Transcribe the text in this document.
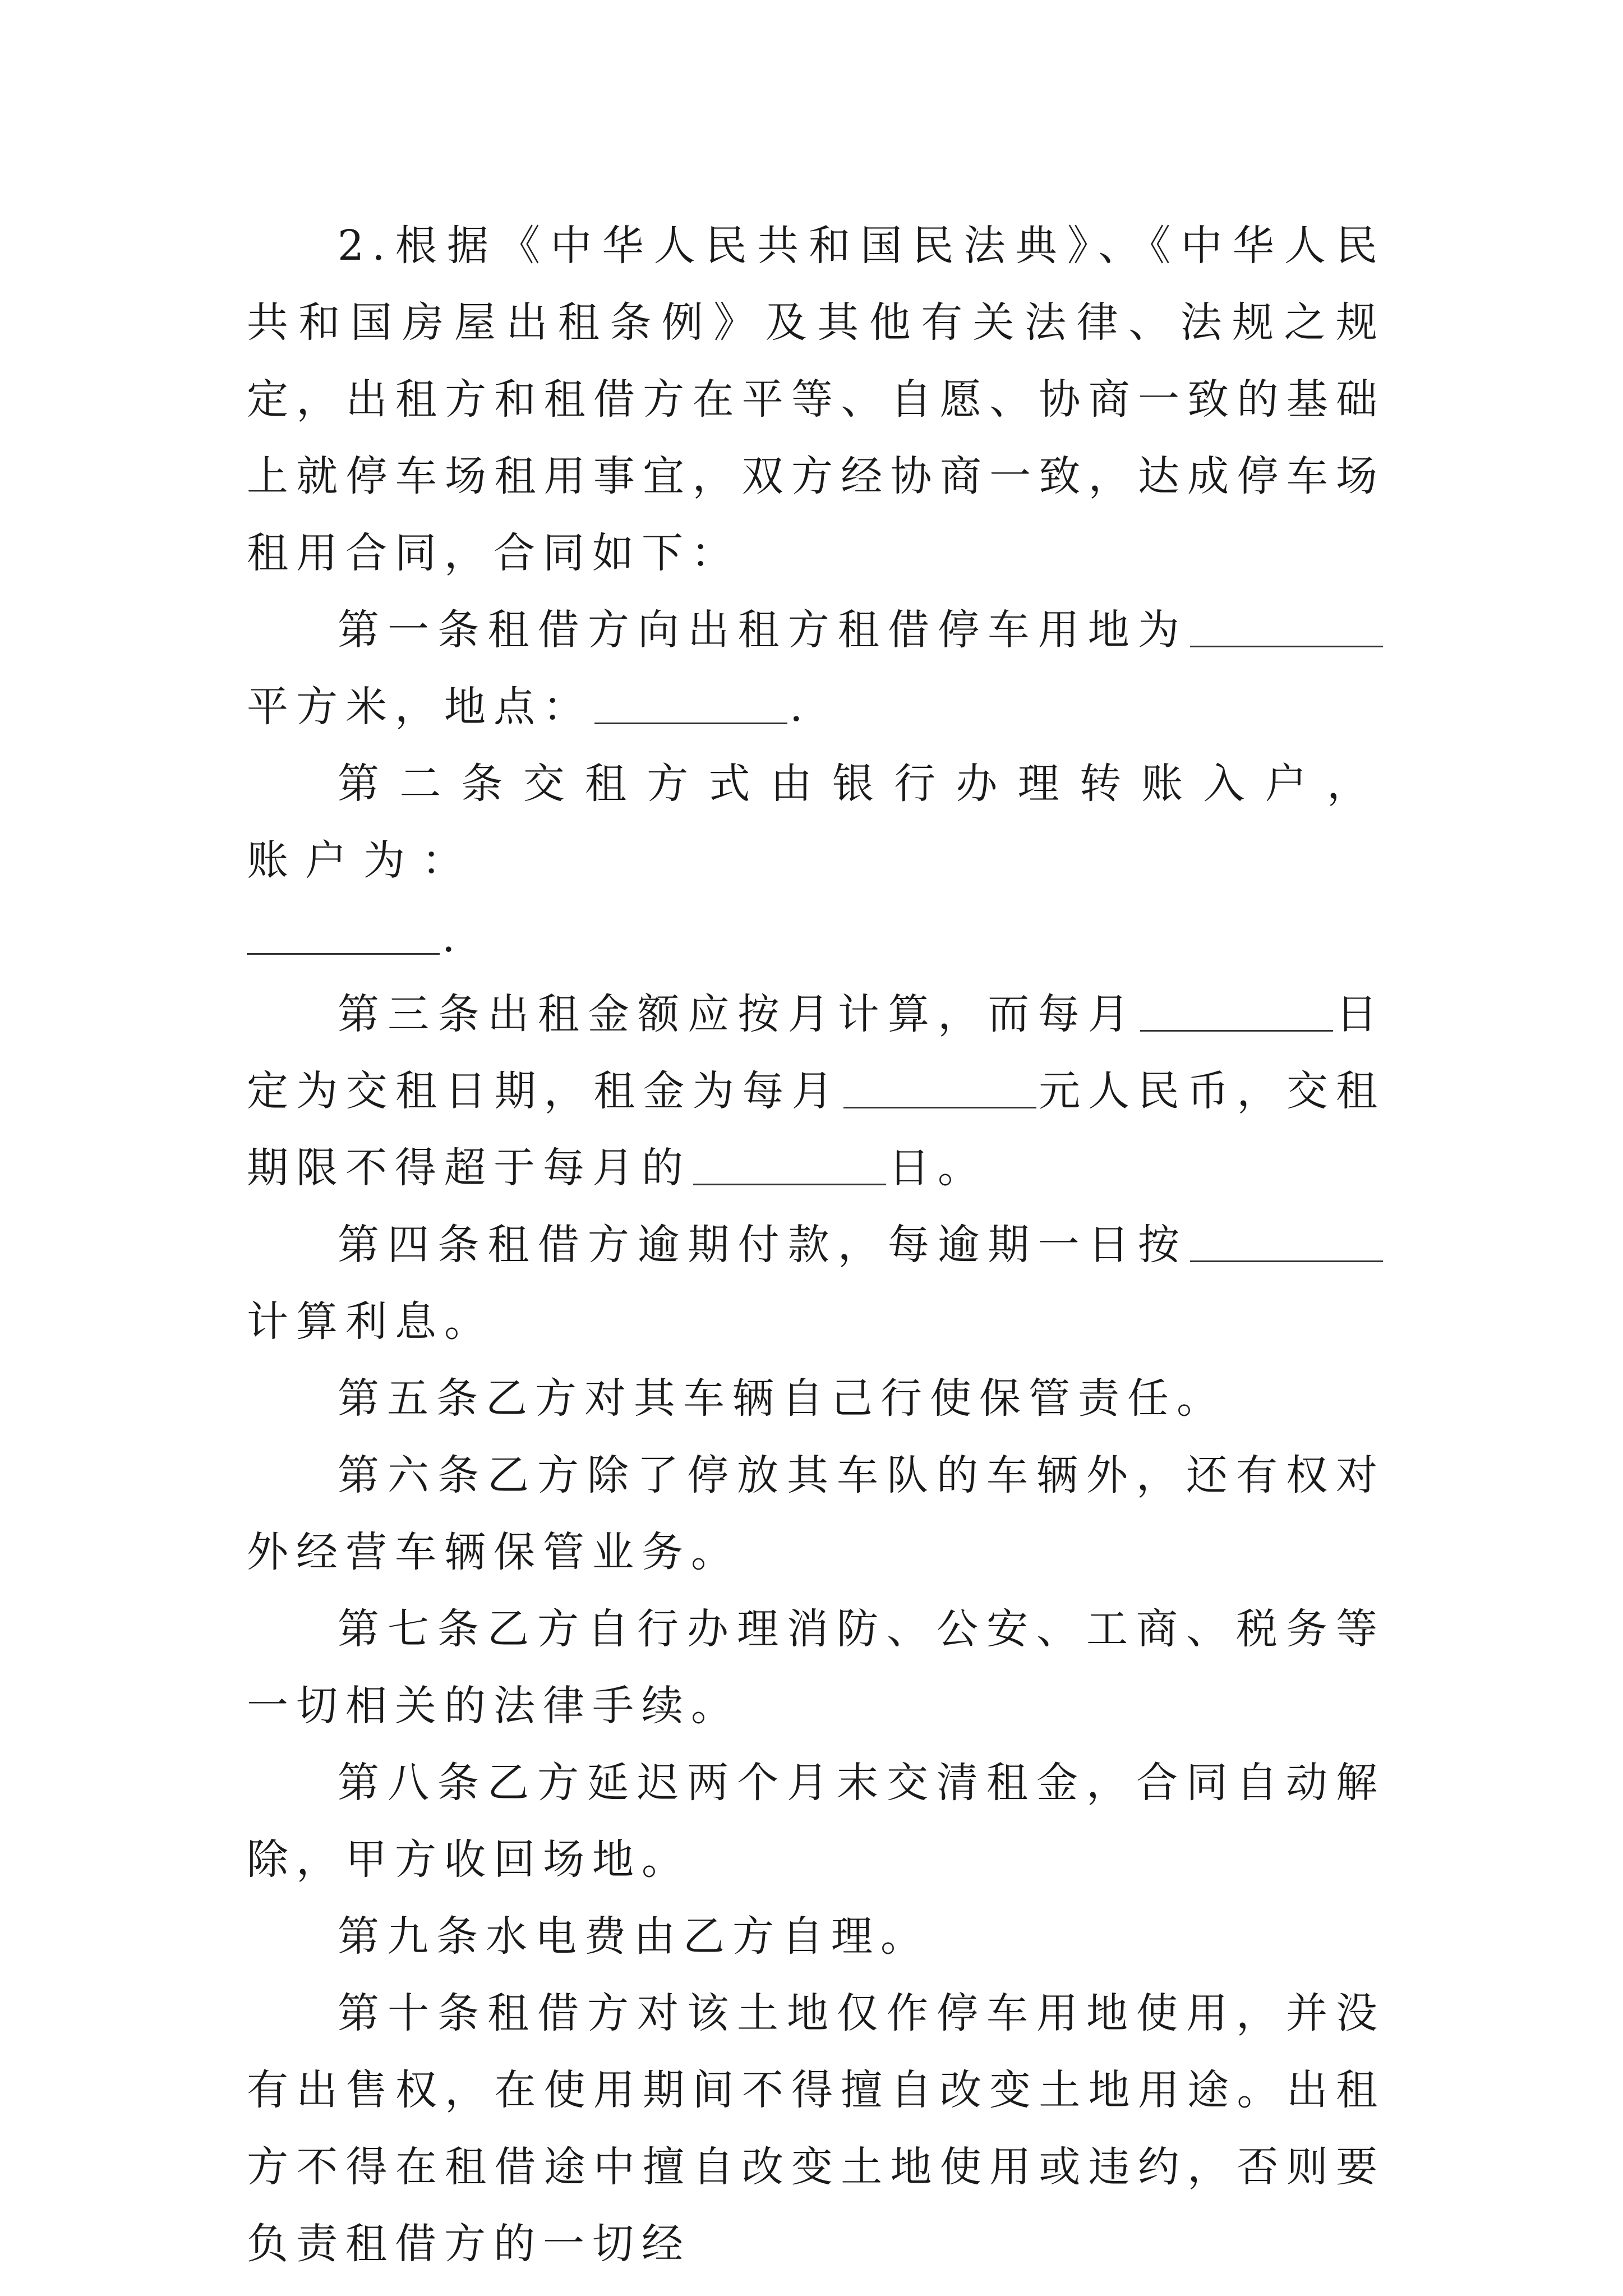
2.根据《中华人民共和国民法典》、《中华人民共和国房屋出租条例》及其他有关法律、法规之规定，出租方和租借方在平等、自愿、协商一致的基础上就停车场租用事宜，双方经协商一致，达成停车场租用合同，合同如下：

第一条租借方向出租方租借停车用地为平方米，地点：	.

第二条交租方式由银行办理转账入户，账户为：

.

第三条出租金额应按月计算，而每月	日定为交租日期，租金为每月	元人民币，交租期限不得超于每月的	日。

第四条租借方逾期付款，每逾期一日按计算利息。

第五条乙方对其车辆自己行使保管责任。

第六条乙方除了停放其车队的车辆外，还有权对外经营车辆保管业务。

第七条乙方自行办理消防、公安、工商、税务等一切相关的法律手续。

第八条乙方延迟两个月末交清租金，合同自动解除，甲方收回场地。

第九条水电费由乙方自理。

第十条租借方对该土地仅作停车用地使用，并没有出售权，在使用期间不得擅自改变土地用途。出租方不得在租借途中擅自改变土地使用或违约，否则要负责租借方的一切经
